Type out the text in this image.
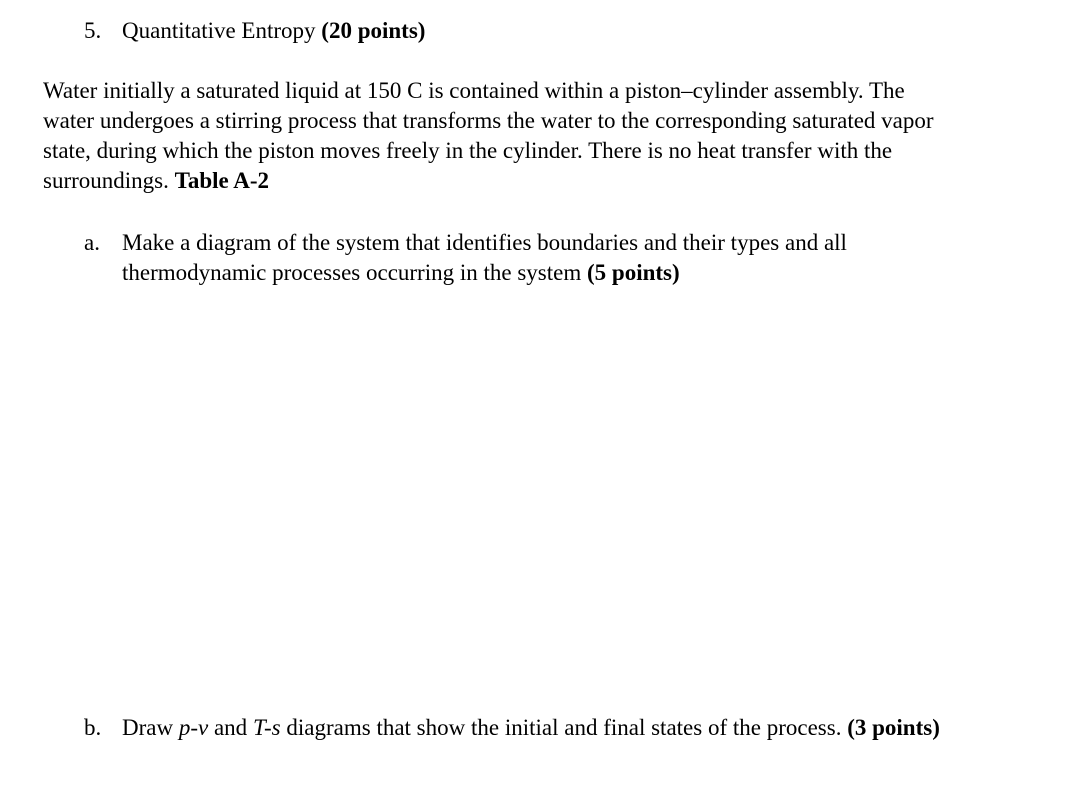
5. Quantitative Entropy (20 points)
Water initially a saturated liquid at 150 C is contained within a piston–cylinder assembly. The
water undergoes a stirring process that transforms the water to the corresponding saturated vapor
state, during which the piston moves freely in the cylinder. There is no heat transfer with the
surroundings. Table A-2
a. Make a diagram of the system that identifies boundaries and their types and all
thermodynamic processes occurring in the system (5 points)
b. Draw p-v and T-s diagrams that show the initial and final states of the process. (3 points)
